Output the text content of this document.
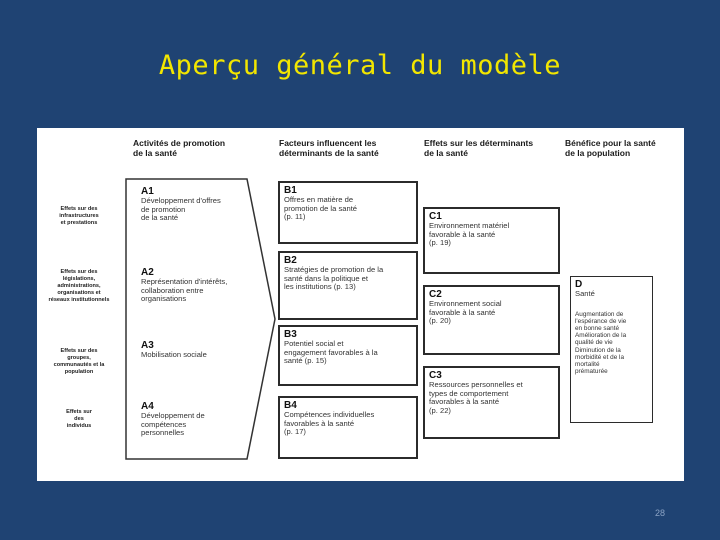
Aperçu général du modèle
Activités de promotion
de la santé
Facteurs influencent les
déterminants de la santé
Effets sur les déterminants
de la santé
Bénéfice pour la santé
de la population
Effets sur des
infrastructures
et prestations
Effets sur des
législations,
administrations,
organisations et
réseaux institutionnels
Effets sur des
groupes,
communautés et la
population
Effets sur
des
individus
A1
Développement d'offres
de promotion
de la santé
A2
Représentation d'intérêts,
collaboration entre
organisations
A3
Mobilisation sociale
A4
Développement de
compétences
personnelles
B1
Offres en matière de
promotion de la santé
(p. 11)
B2
Stratégies de promotion de la
santé dans la politique et
les institutions (p. 13)
B3
Potentiel social et
engagement favorables à la
santé (p. 15)
B4
Compétences individuelles
favorables à la santé
(p. 17)
C1
Environnement matériel
favorable à la santé
(p. 19)
C2
Environnement social
favorable à la santé
(p. 20)
C3
Ressources personnelles et
types de comportement
favorables à la santé
(p. 22)
D
Santé
Augmentation de
l'espérance de vie
en bonne santé
Amélioration de la
qualité de vie
Diminution de la
morbidité et de la
mortalité
prématurée
28
